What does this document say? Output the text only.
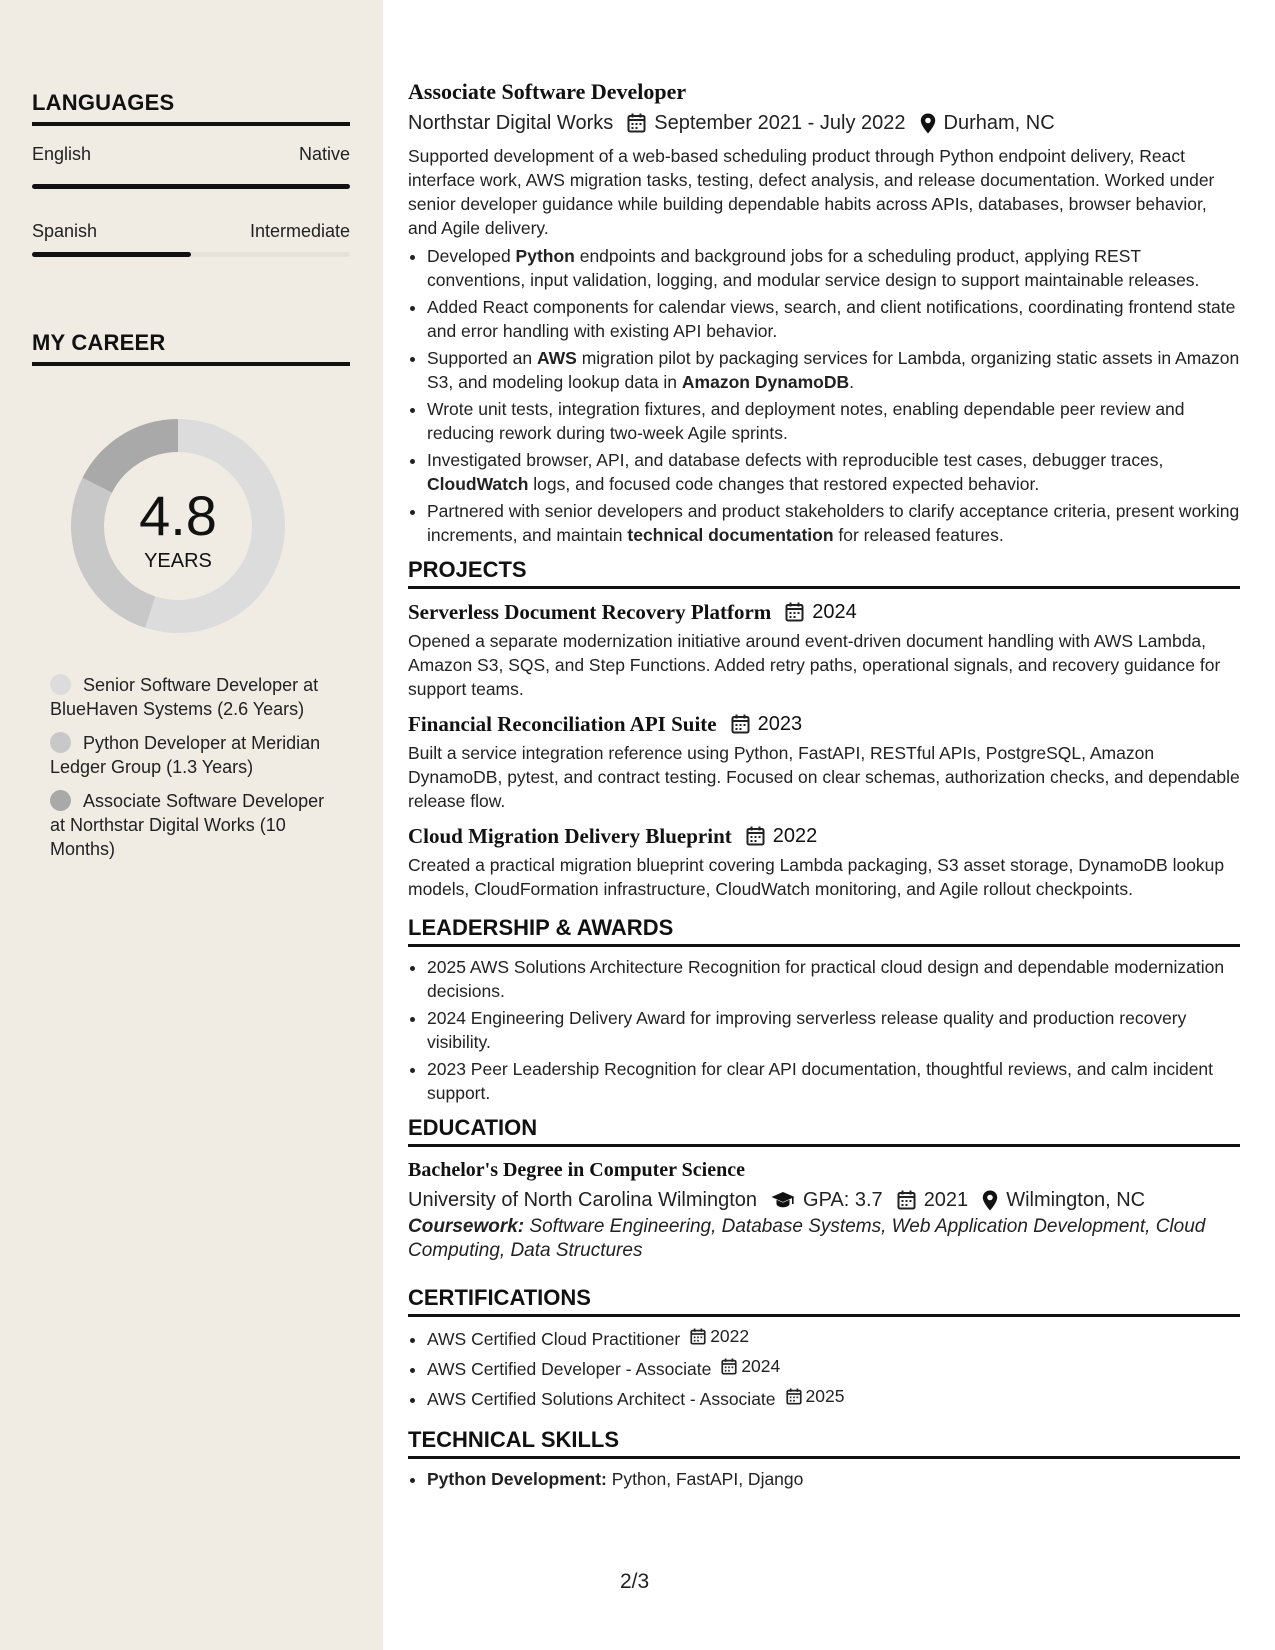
LANGUAGES
English	Native
Spanish	Intermediate
MY CAREER
4.8
YEARS
Senior Software Developer at BlueHaven Systems (2.6 Years)
Python Developer at Meridian Ledger Group (1.3 Years)
Associate Software Developer at Northstar Digital Works (10 Months)
Associate Software Developer
Northstar Digital Works September 2021 - July 2022 Durham, NC
Supported development of a web-based scheduling product through Python endpoint delivery, React interface work, AWS migration tasks, testing, defect analysis, and release documentation. Worked under senior developer guidance while building dependable habits across APIs, databases, browser behavior, and Agile delivery.
• Developed Python endpoints and background jobs for a scheduling product, applying REST conventions, input validation, logging, and modular service design to support maintainable releases.
• Added React components for calendar views, search, and client notifications, coordinating frontend state and error handling with existing API behavior.
• Supported an AWS migration pilot by packaging services for Lambda, organizing static assets in Amazon S3, and modeling lookup data in Amazon DynamoDB.
• Wrote unit tests, integration fixtures, and deployment notes, enabling dependable peer review and reducing rework during two-week Agile sprints.
• Investigated browser, API, and database defects with reproducible test cases, debugger traces, CloudWatch logs, and focused code changes that restored expected behavior.
• Partnered with senior developers and product stakeholders to clarify acceptance criteria, present working increments, and maintain technical documentation for released features.
PROJECTS
Serverless Document Recovery Platform 2024
Opened a separate modernization initiative around event-driven document handling with AWS Lambda, Amazon S3, SQS, and Step Functions. Added retry paths, operational signals, and recovery guidance for support teams.
Financial Reconciliation API Suite 2023
Built a service integration reference using Python, FastAPI, RESTful APIs, PostgreSQL, Amazon DynamoDB, pytest, and contract testing. Focused on clear schemas, authorization checks, and dependable release flow.
Cloud Migration Delivery Blueprint 2022
Created a practical migration blueprint covering Lambda packaging, S3 asset storage, DynamoDB lookup models, CloudFormation infrastructure, CloudWatch monitoring, and Agile rollout checkpoints.
LEADERSHIP & AWARDS
• 2025 AWS Solutions Architecture Recognition for practical cloud design and dependable modernization decisions.
• 2024 Engineering Delivery Award for improving serverless release quality and production recovery visibility.
• 2023 Peer Leadership Recognition for clear API documentation, thoughtful reviews, and calm incident support.
EDUCATION
Bachelor's Degree in Computer Science
University of North Carolina Wilmington GPA: 3.7 2021 Wilmington, NC
Coursework: Software Engineering, Database Systems, Web Application Development, Cloud Computing, Data Structures
CERTIFICATIONS
• AWS Certified Cloud Practitioner 2022
• AWS Certified Developer - Associate 2024
• AWS Certified Solutions Architect - Associate 2025
TECHNICAL SKILLS
• Python Development: Python, FastAPI, Django
2/3
